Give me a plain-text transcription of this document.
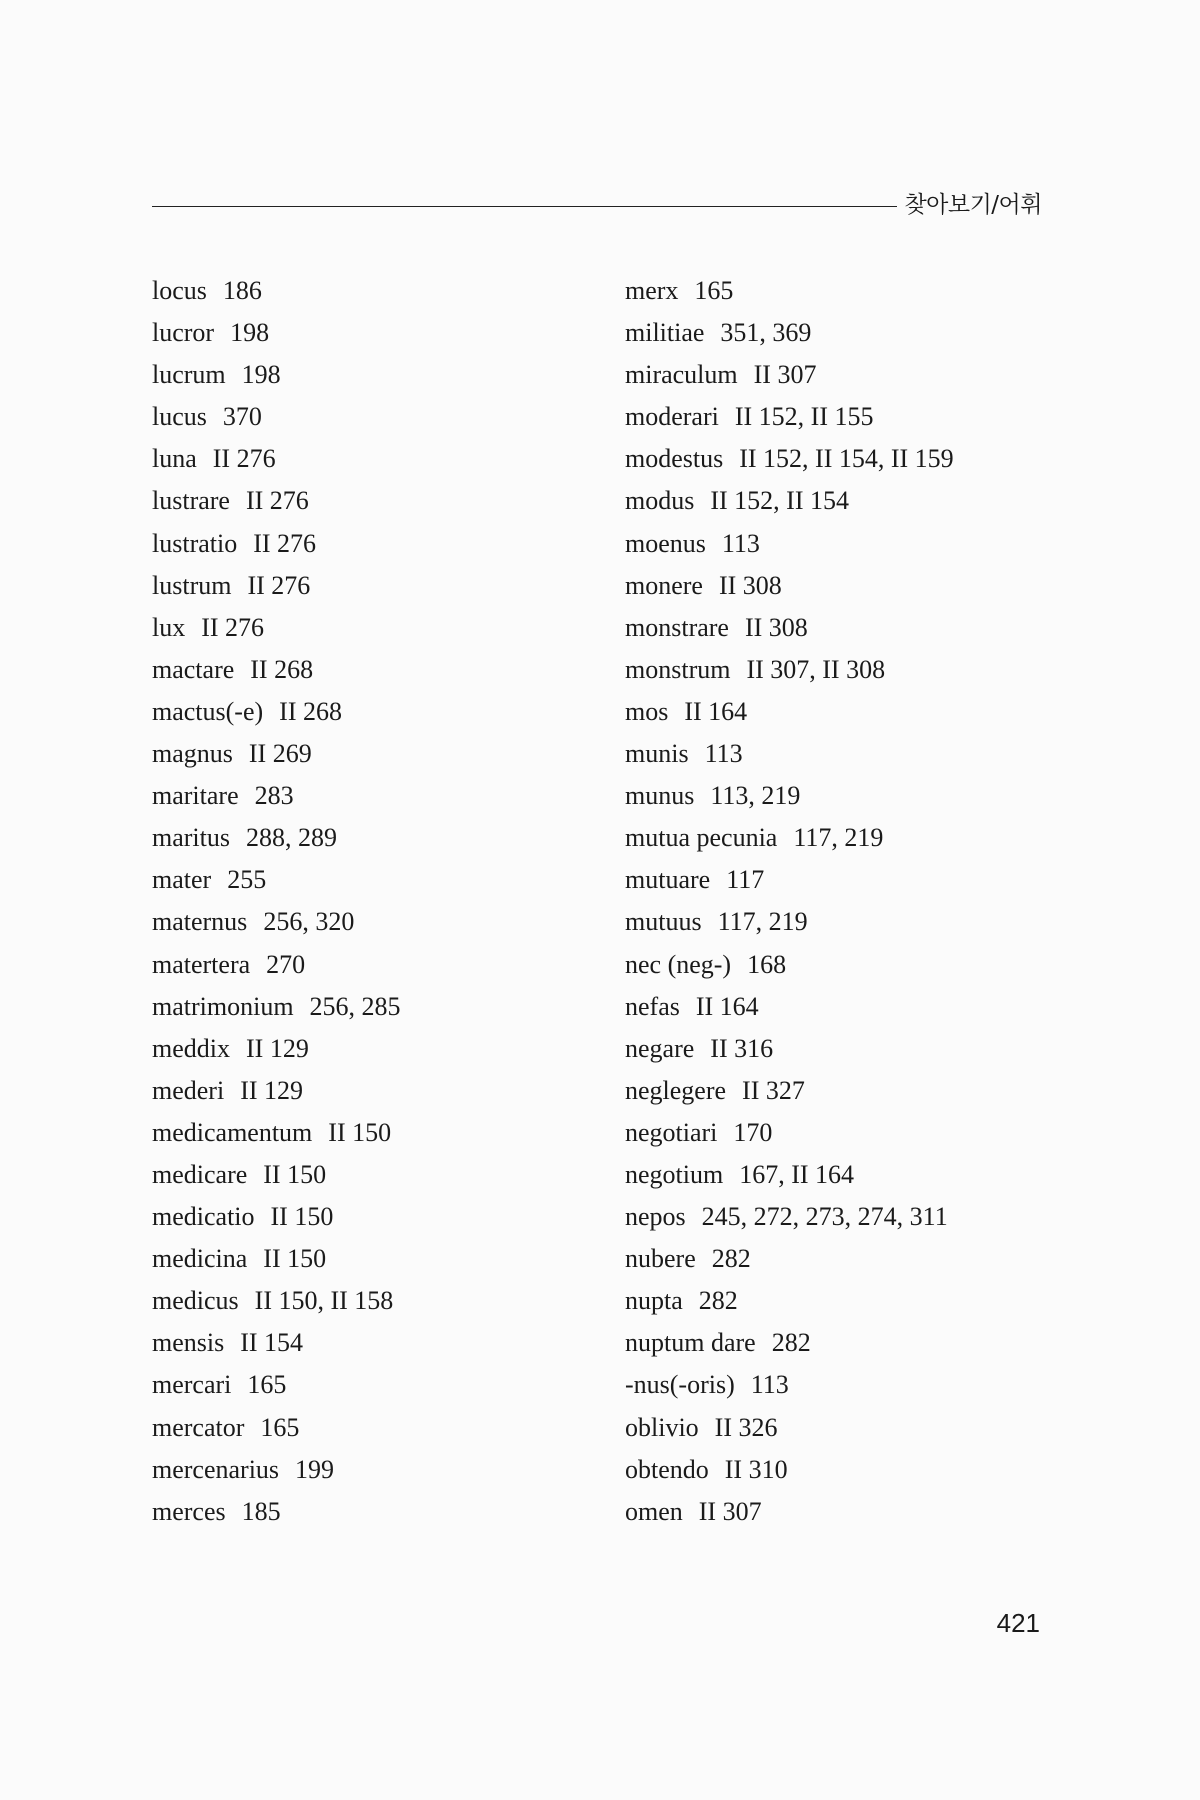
찾아보기/어휘
locus 186
lucror 198
lucrum 198
lucus 370
luna II 276
lustrare II 276
lustratio II 276
lustrum II 276
lux II 276
mactare II 268
mactus(-e) II 268
magnus II 269
maritare 283
maritus 288, 289
mater 255
maternus 256, 320
matertera 270
matrimonium 256, 285
meddix II 129
mederi II 129
medicamentum II 150
medicare II 150
medicatio II 150
medicina II 150
medicus II 150, II 158
mensis II 154
mercari 165
mercator 165
mercenarius 199
merces 185
merx 165
militiae 351, 369
miraculum II 307
moderari II 152, II 155
modestus II 152, II 154, II 159
modus II 152, II 154
moenus 113
monere II 308
monstrare II 308
monstrum II 307, II 308
mos II 164
munis 113
munus 113, 219
mutua pecunia 117, 219
mutuare 117
mutuus 117, 219
nec (neg-) 168
nefas II 164
negare II 316
neglegere II 327
negotiari 170
negotium 167, II 164
nepos 245, 272, 273, 274, 311
nubere 282
nupta 282
nuptum dare 282
-nus(-oris) 113
oblivio II 326
obtendo II 310
omen II 307
421
